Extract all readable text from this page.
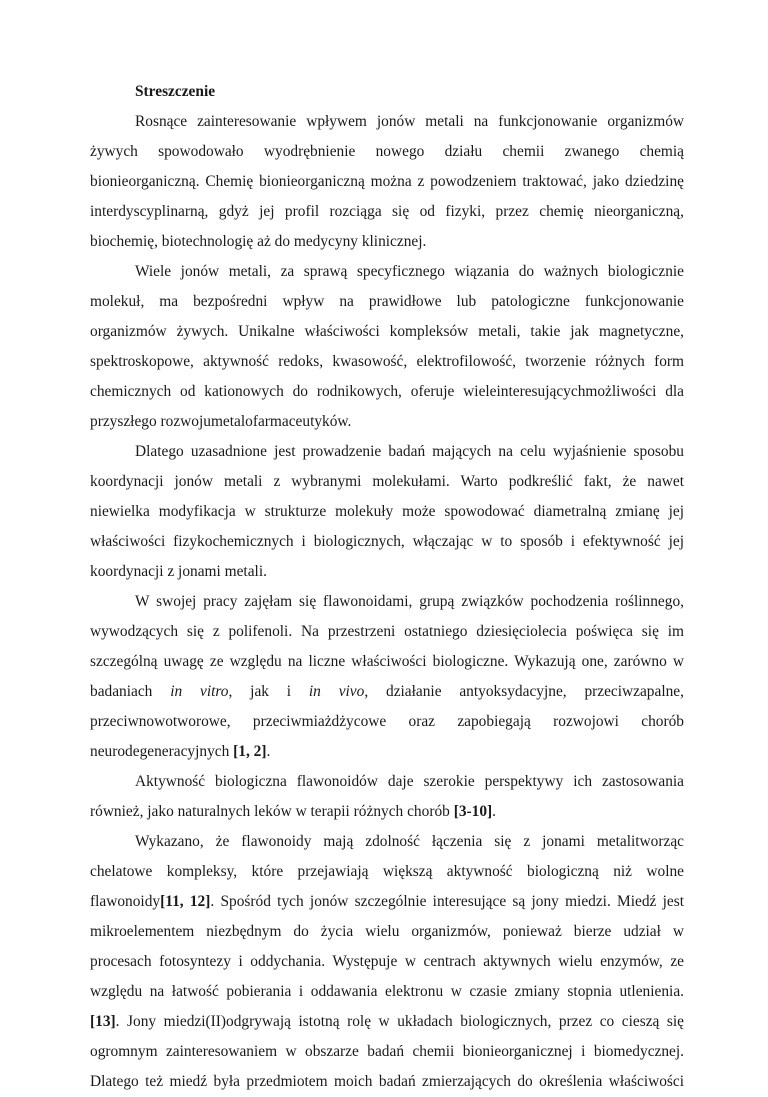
Streszczenie
Rosnące zainteresowanie wpływem jonów metali na funkcjonowanie organizmów
żywych spowodowało wyodrębnienie nowego działu chemii zwanego chemią
bionieorganiczną. Chemię bionieorganiczną można z powodzeniem traktować, jako dziedzinę
interdyscyplinarną, gdyż jej profil rozciąga się od fizyki, przez chemię nieorganiczną,
biochemię, biotechnologię aż do medycyny klinicznej.
Wiele jonów metali, za sprawą specyficznego wiązania do ważnych biologicznie
molekuł, ma bezpośredni wpływ na prawidłowe lub patologiczne funkcjonowanie
organizmów żywych. Unikalne właściwości kompleksów metali, takie jak magnetyczne,
spektroskopowe, aktywność redoks, kwasowość, elektrofilowość, tworzenie różnych form
chemicznych od kationowych do rodnikowych, oferuje wieleinteresującychmożliwości dla
przyszłego rozwojumetalofarmaceutyków.
Dlatego uzasadnione jest prowadzenie badań mających na celu wyjaśnienie sposobu
koordynacji jonów metali z wybranymi molekułami. Warto podkreślić fakt, że nawet
niewielka modyfikacja w strukturze molekuły może spowodować diametralną zmianę jej
właściwości fizykochemicznych i biologicznych, włączając w to sposób i efektywność jej
koordynacji z jonami metali.
W swojej pracy zajęłam się flawonoidami, grupą związków pochodzenia roślinnego,
wywodzących się z polifenoli. Na przestrzeni ostatniego dziesięciolecia poświęca się im
szczególną uwagę ze względu na liczne właściwości biologiczne. Wykazują one, zarówno w
badaniach in vitro, jak i in vivo, działanie antyoksydacyjne, przeciwzapalne,
przeciwnowotworowe, przeciwmiażdżycowe oraz zapobiegają rozwojowi chorób
neurodegeneracyjnych [1, 2].
Aktywność biologiczna flawonoidów daje szerokie perspektywy ich zastosowania
również, jako naturalnych leków w terapii różnych chorób [3-10].
Wykazano, że flawonoidy mają zdolność łączenia się z jonami metalitworząc
chelatowe kompleksy, które przejawiają większą aktywność biologiczną niż wolne
flawonoidy[11, 12]. Spośród tych jonów szczególnie interesujące są jony miedzi. Miedź jest
mikroelementem niezbędnym do życia wielu organizmów, ponieważ bierze udział w
procesach fotosyntezy i oddychania. Występuje w centrach aktywnych wielu enzymów, ze
względu na łatwość pobierania i oddawania elektronu w czasie zmiany stopnia utlenienia.
[13]. Jony miedzi(II)odgrywają istotną rolę w układach biologicznych, przez co cieszą się
ogromnym zainteresowaniem w obszarze badań chemii bionieorganicznej i biomedycznej.
Dlatego też miedź była przedmiotem moich badań zmierzających do określenia właściwości
